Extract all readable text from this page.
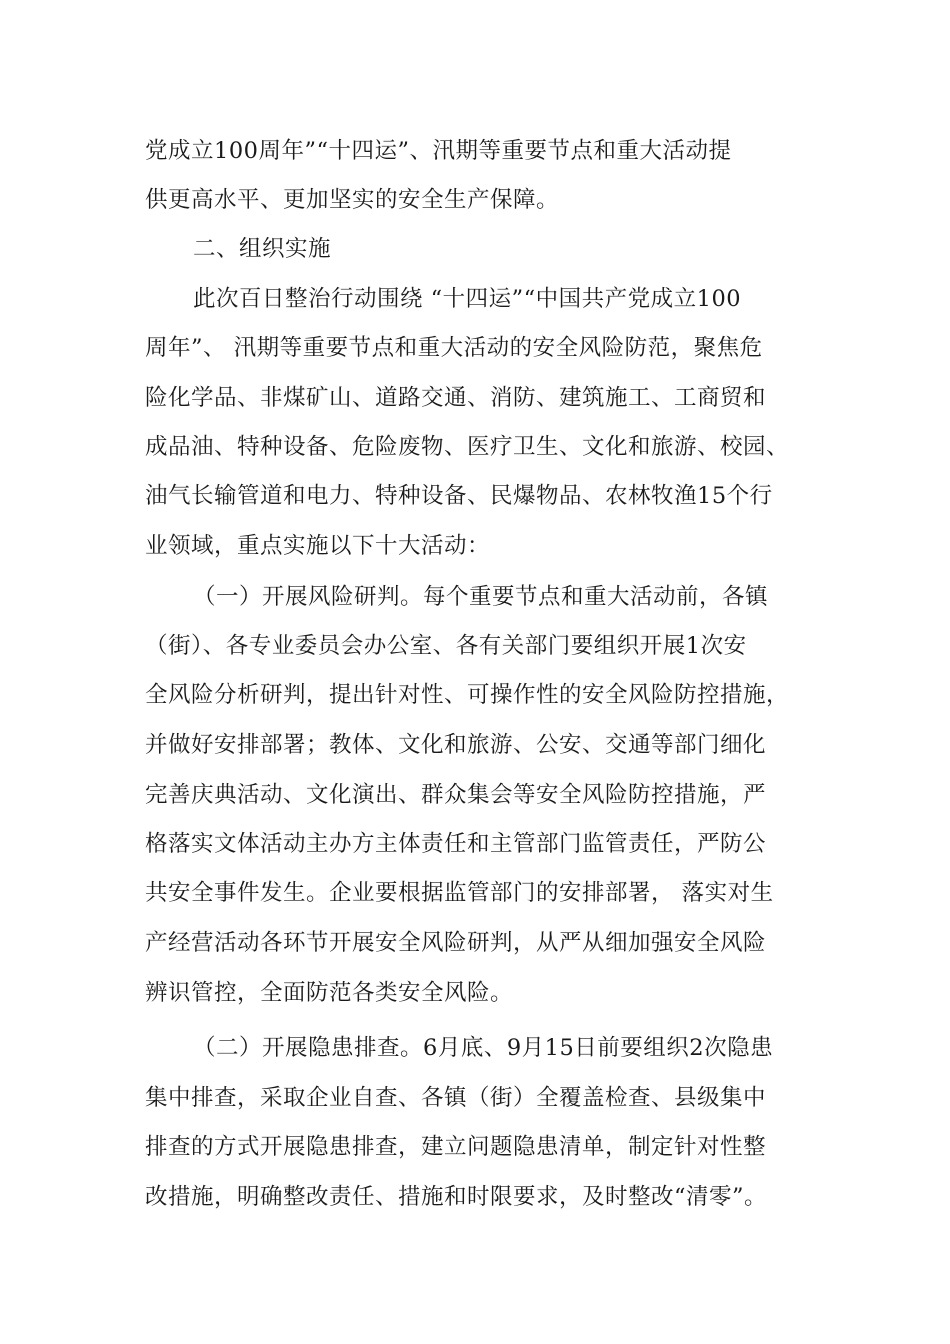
党成立100周年”“十四运”、汛期等重要节点和重大活动提
供更高水平、更加坚实的安全生产保障。
二、组织实施
此次百日整治行动围绕 “十四运”“中国共产党成立100
周年”、 汛期等重要节点和重大活动的安全风险防范，聚焦危
险化学品、非煤矿山、道路交通、消防、建筑施工、工商贸和
成品油、特种设备、危险废物、医疗卫生、文化和旅游、校园、
油气长输管道和电力、特种设备、民爆物品、农林牧渔15个行
业领域，重点实施以下十大活动：
（一）开展风险研判。每个重要节点和重大活动前，各镇
（街）、各专业委员会办公室、各有关部门要组织开展1次安
全风险分析研判，提出针对性、可操作性的安全风险防控措施，
并做好安排部署；教体、文化和旅游、公安、交通等部门细化
完善庆典活动、文化演出、群众集会等安全风险防控措施，严
格落实文体活动主办方主体责任和主管部门监管责任，严防公
共安全事件发生。企业要根据监管部门的安排部署， 落实对生
产经营活动各环节开展安全风险研判，从严从细加强安全风险
辨识管控，全面防范各类安全风险。
（二）开展隐患排查。6月底、9月15日前要组织2次隐患
集中排查，采取企业自查、各镇（街）全覆盖检查、县级集中
排查的方式开展隐患排查，建立问题隐患清单，制定针对性整
改措施，明确整改责任、措施和时限要求，及时整改“清零”。
